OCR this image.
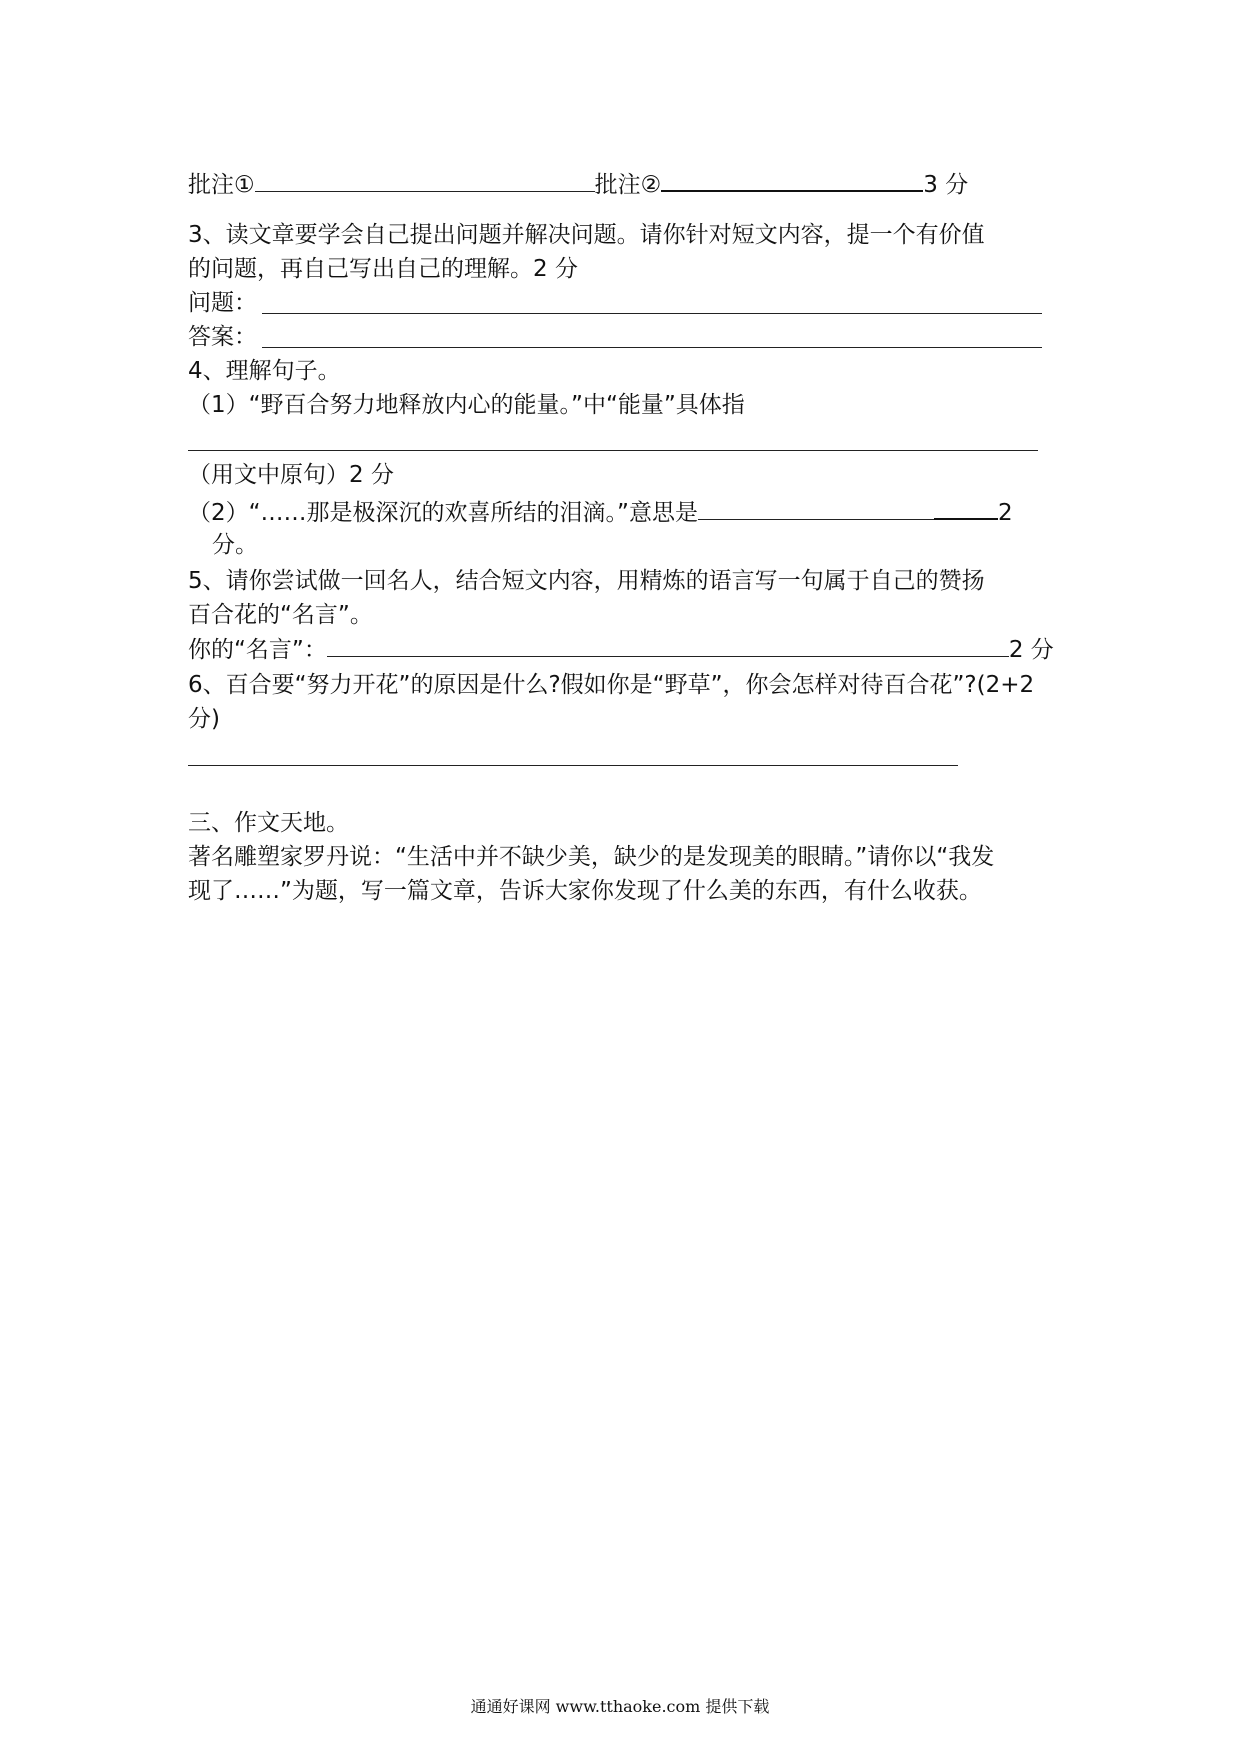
批注①	批注②	3 分
3、读文章要学会自己提出问题并解决问题。请你针对短文内容，提一个有价值
的问题，再自己写出自己的理解。2 分
问题：
答案：
4、理解句子。
（1）“野百合努力地释放内心的能量。”中“能量”具体指
（用文中原句）2 分
（2）“……那是极深沉的欢喜所结的泪滴。”意思是	2
分。
5、请你尝试做一回名人，结合短文内容，用精炼的语言写一句属于自己的赞扬
百合花的“名言”。
你的“名言”：	2 分
6、百合要“努力开花”的原因是什么?假如你是“野草”，你会怎样对待百合花”?(2+2
分)
三、作文天地。
著名雕塑家罗丹说：“生活中并不缺少美，缺少的是发现美的眼睛。”请你以“我发
现了……”为题，写一篇文章，告诉大家你发现了什么美的东西，有什么收获。
通通好课网 www.tthaoke.com 提供下载
